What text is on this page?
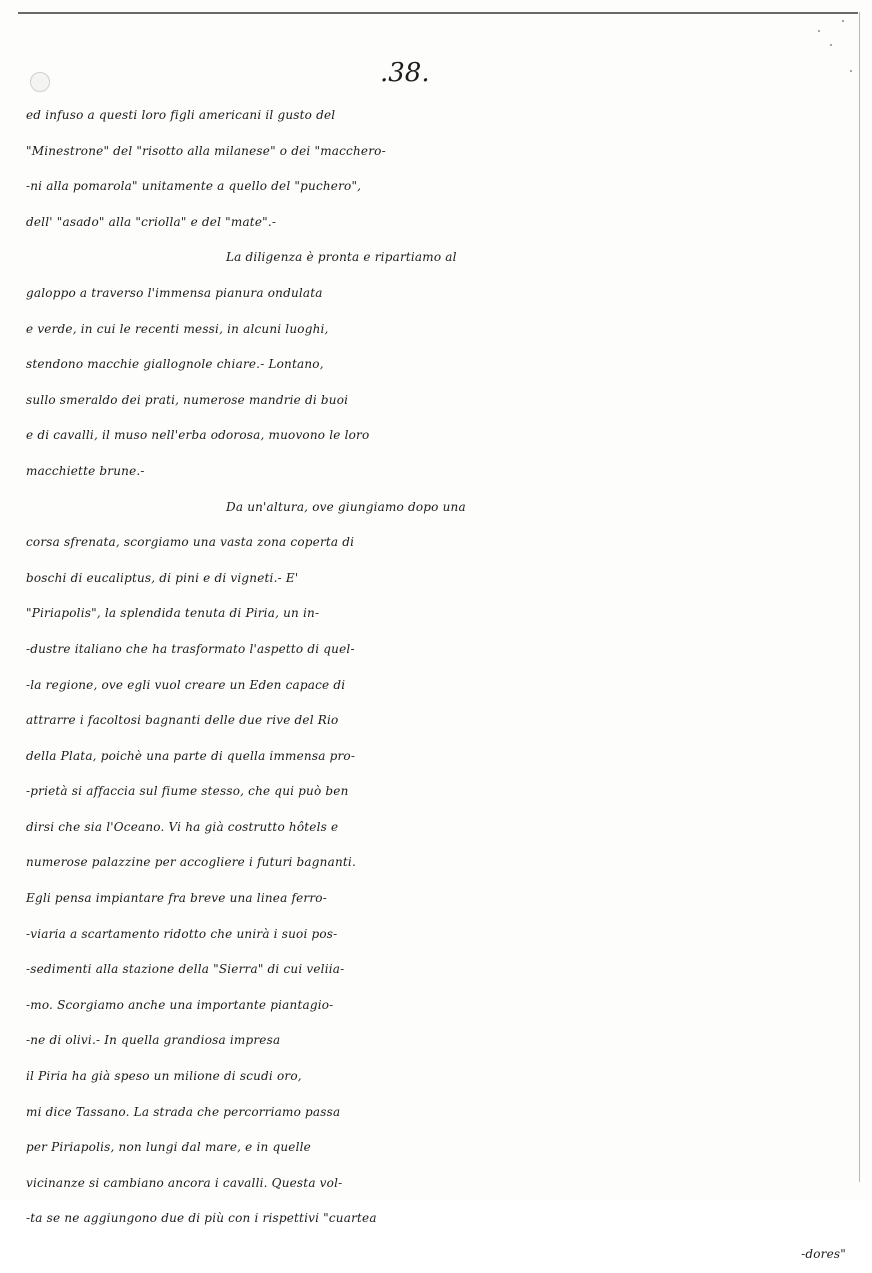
.38.
ed infuso a questi loro figli americani il gusto del
"Minestrone" del "risotto alla milanese" o dei "macchero-
-ni alla pomarola" unitamente a quello del "puchero",
dell' "asado" alla "criolla" e del "mate".-
La diligenza è pronta e ripartiamo al
galoppo a traverso l'immensa pianura ondulata
e verde, in cui le recenti messi, in alcuni luoghi,
stendono macchie giallognole chiare.- Lontano,
sullo smeraldo dei prati, numerose mandrie di buoi
e di cavalli, il muso nell'erba odorosa, muovono le loro
macchiette brune.-
Da un'altura, ove giungiamo dopo una
corsa sfrenata, scorgiamo una vasta zona coperta di
boschi di eucaliptus, di pini e di vigneti.- E'
"Piriapolis", la splendida tenuta di Piria, un in-
-dustre italiano che ha trasformato l'aspetto di quel-
-la regione, ove egli vuol creare un Eden capace di
attrarre i facoltosi bagnanti delle due rive del Rio
della Plata, poichè una parte di quella immensa pro-
-prietà si affaccia sul fiume stesso, che qui può ben
dirsi che sia l'Oceano. Vi ha già costrutto hôtels e
numerose palazzine per accogliere i futuri bagnanti.
Egli pensa impiantare fra breve una linea ferro-
-viaria a scartamento ridotto che unirà i suoi pos-
-sedimenti alla stazione della "Sierra" di cui veliia-
-mo. Scorgiamo anche una importante piantagio-
-ne di olivi.- In quella grandiosa impresa
il Piria ha già speso un milione di scudi oro,
mi dice Tassano. La strada che percorriamo passa
per Piriapolis, non lungi dal mare, e in quelle
vicinanze si cambiano ancora i cavalli. Questa vol-
-ta se ne aggiungono due di più con i rispettivi "cuartea
-dores"
